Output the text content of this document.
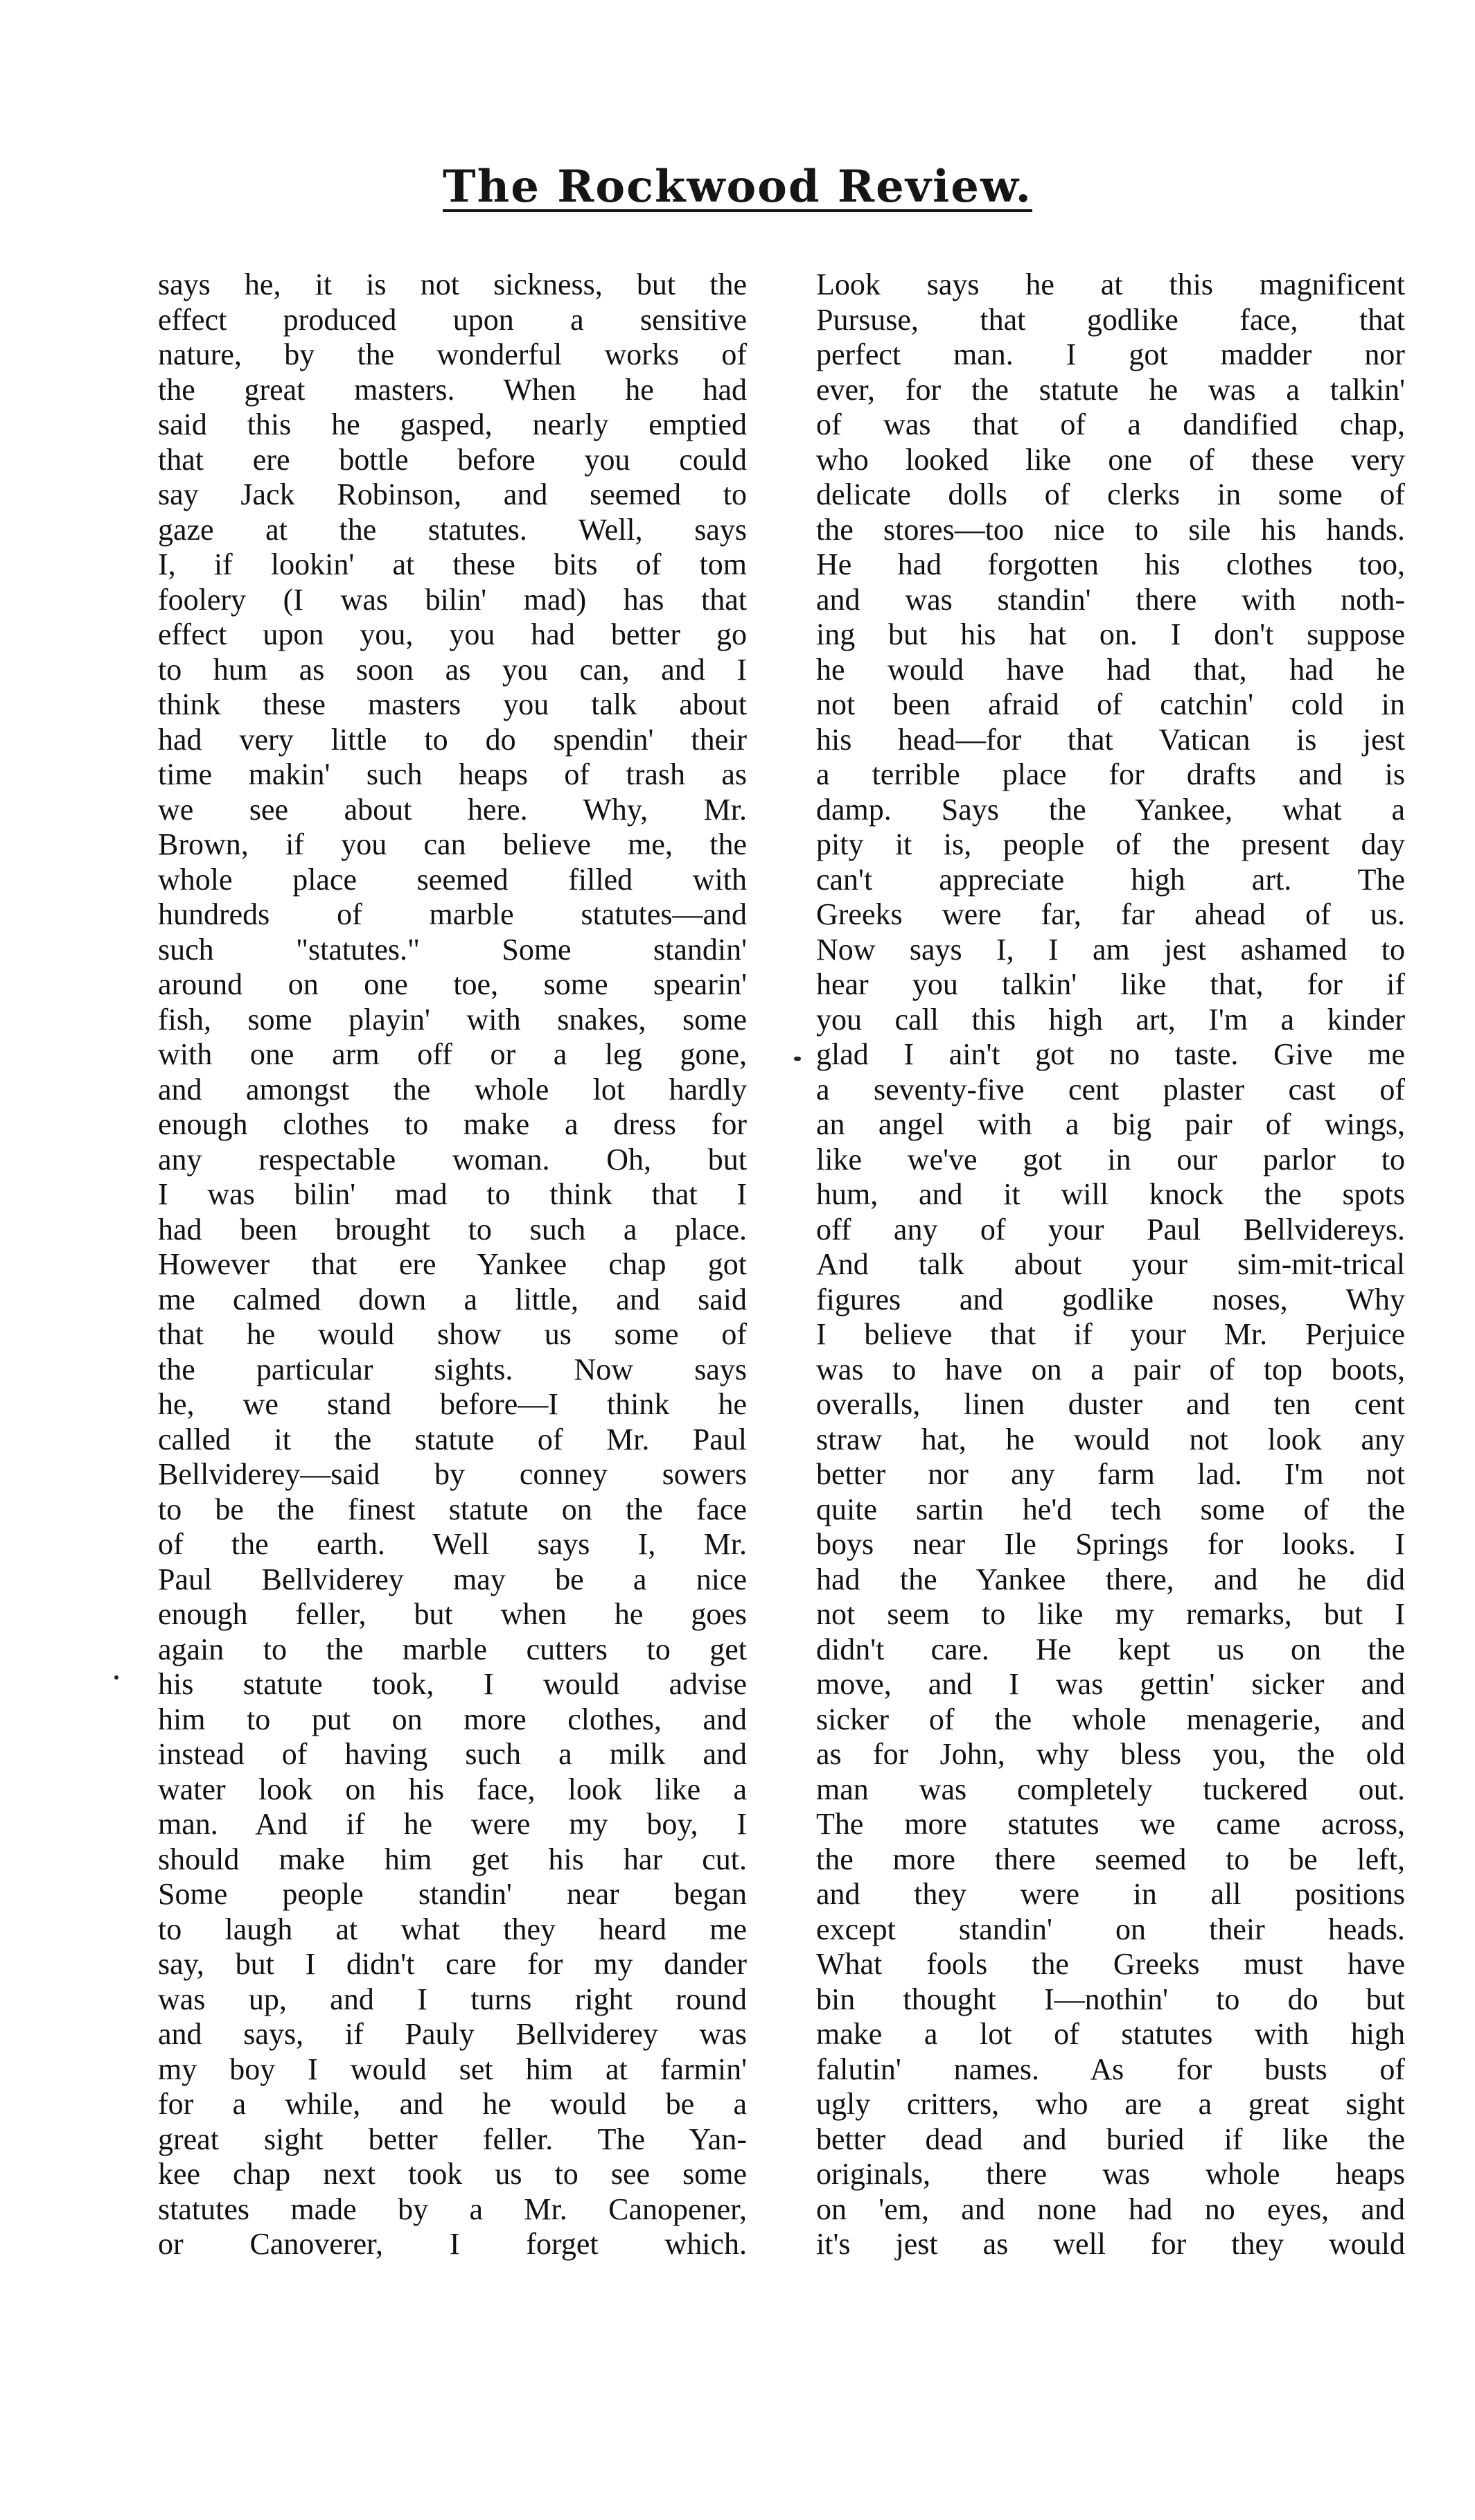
The Rockwood Review.
says he, it is not sickness, but the
effect produced upon a sensitive
nature, by the wonderful works of
the great masters. When he had
said this he gasped, nearly emptied
that ere bottle before you could
say Jack Robinson, and seemed to
gaze at the statutes. Well, says
I, if lookin' at these bits of tom
foolery (I was bilin' mad) has that
effect upon you, you had better go
to hum as soon as you can, and I
think these masters you talk about
had very little to do spendin' their
time makin' such heaps of trash as
we see about here. Why, Mr.
Brown, if you can believe me, the
whole place seemed filled with
hundreds of marble statutes—and
such "statutes." Some standin'
around on one toe, some spearin'
fish, some playin' with snakes, some
with one arm off or a leg gone,
and amongst the whole lot hardly
enough clothes to make a dress for
any respectable woman. Oh, but
I was bilin' mad to think that I
had been brought to such a place.
However that ere Yankee chap got
me calmed down a little, and said
that he would show us some of
the particular sights. Now says
he, we stand before—I think he
called it the statute of Mr. Paul
Bellviderey—said by conney sowers
to be the finest statute on the face
of the earth. Well says I, Mr.
Paul Bellviderey may be a nice
enough feller, but when he goes
again to the marble cutters to get
his statute took, I would advise
him to put on more clothes, and
instead of having such a milk and
water look on his face, look like a
man. And if he were my boy, I
should make him get his har cut.
Some people standin' near began
to laugh at what they heard me
say, but I didn't care for my dander
was up, and I turns right round
and says, if Pauly Bellviderey was
my boy I would set him at farmin'
for a while, and he would be a
great sight better feller. The Yan-
kee chap next took us to see some
statutes made by a Mr. Canopener,
or Canoverer, I forget which.
Look says he at this magnificent
Pursuse, that godlike face, that
perfect man. I got madder nor
ever, for the statute he was a talkin'
of was that of a dandified chap,
who looked like one of these very
delicate dolls of clerks in some of
the stores—too nice to sile his hands.
He had forgotten his clothes too,
and was standin' there with noth-
ing but his hat on. I don't suppose
he would have had that, had he
not been afraid of catchin' cold in
his head—for that Vatican is jest
a terrible place for drafts and is
damp. Says the Yankee, what a
pity it is, people of the present day
can't appreciate high art. The
Greeks were far, far ahead of us.
Now says I, I am jest ashamed to
hear you talkin' like that, for if
you call this high art, I'm a kinder
glad I ain't got no taste. Give me
a seventy-five cent plaster cast of
an angel with a big pair of wings,
like we've got in our parlor to
hum, and it will knock the spots
off any of your Paul Bellvidereys.
And talk about your sim-mit-trical
figures and godlike noses, Why
I believe that if your Mr. Perjuice
was to have on a pair of top boots,
overalls, linen duster and ten cent
straw hat, he would not look any
better nor any farm lad. I'm not
quite sartin he'd tech some of the
boys near Ile Springs for looks. I
had the Yankee there, and he did
not seem to like my remarks, but I
didn't care. He kept us on the
move, and I was gettin' sicker and
sicker of the whole menagerie, and
as for John, why bless you, the old
man was completely tuckered out.
The more statutes we came across,
the more there seemed to be left,
and they were in all positions
except standin' on their heads.
What fools the Greeks must have
bin thought I—nothin' to do but
make a lot of statutes with high
falutin' names. As for busts of
ugly critters, who are a great sight
better dead and buried if like the
originals, there was whole heaps
on 'em, and none had no eyes, and
it's jest as well for they would
